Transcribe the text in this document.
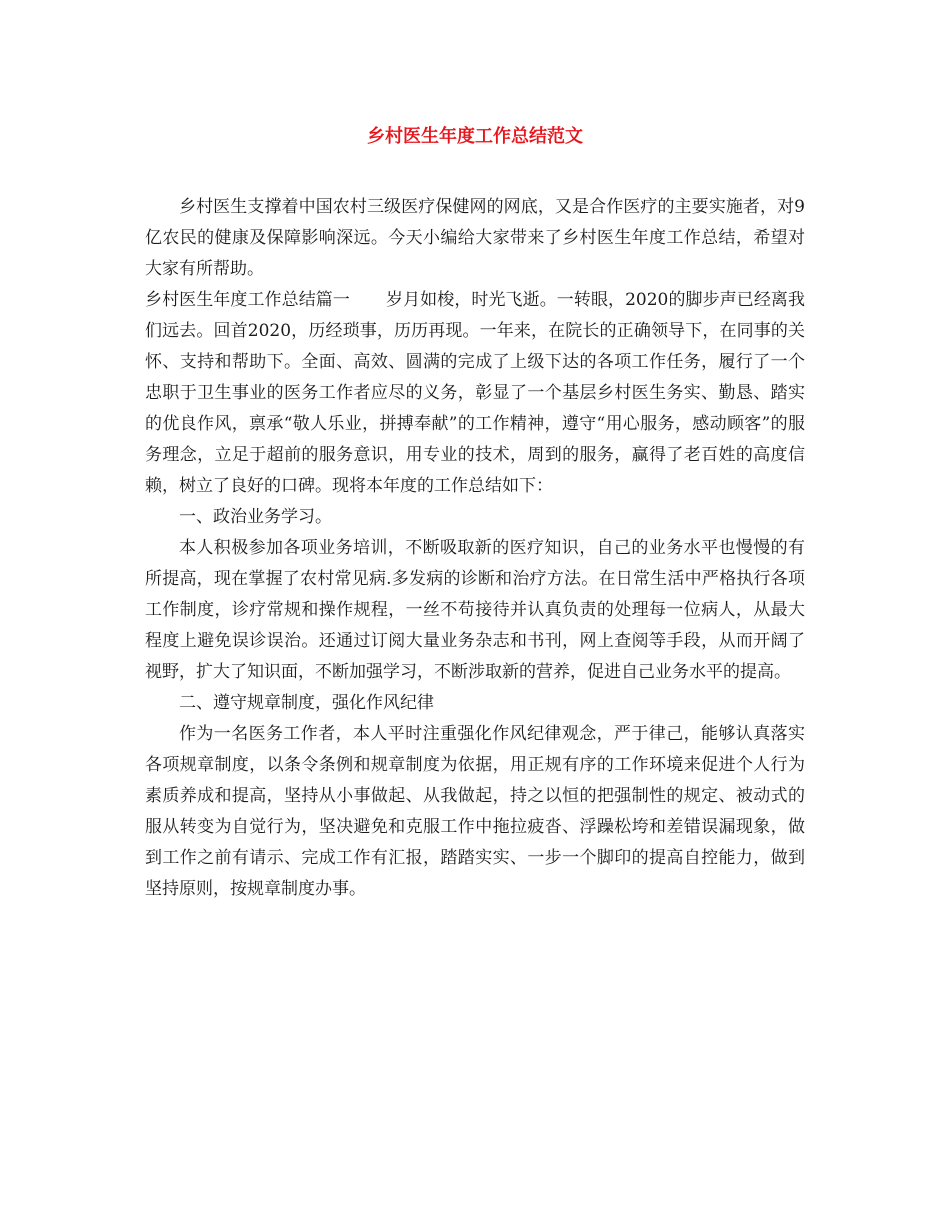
乡村医生年度工作总结范文

乡村医生支撑着中国农村三级医疗保健网的网底，又是合作医疗的主要实施者，对9亿农民的健康及保障影响深远。今天小编给大家带来了乡村医生年度工作总结，希望对大家有所帮助。

乡村医生年度工作总结篇一 岁月如梭，时光飞逝。一转眼，2020的脚步声已经离我们远去。回首2020，历经琐事，历历再现。一年来，在院长的正确领导下，在同事的关怀、支持和帮助下。全面、高效、圆满的完成了上级下达的各项工作任务，履行了一个忠职于卫生事业的医务工作者应尽的义务，彰显了一个基层乡村医生务实、勤恳、踏实的优良作风，禀承“敬人乐业，拼搏奉献”的工作精神，遵守“用心服务，感动顾客”的服务理念，立足于超前的服务意识，用专业的技术，周到的服务，赢得了老百姓的高度信赖，树立了良好的口碑。现将本年度的工作总结如下：

一、政治业务学习。

本人积极参加各项业务培训，不断吸取新的医疗知识，自己的业务水平也慢慢的有所提高，现在掌握了农村常见病.多发病的诊断和治疗方法。在日常生活中严格执行各项工作制度，诊疗常规和操作规程，一丝不苟接待并认真负责的处理每一位病人，从最大程度上避免误诊误治。还通过订阅大量业务杂志和书刊，网上查阅等手段，从而开阔了视野，扩大了知识面，不断加强学习，不断涉取新的营养，促进自己业务水平的提高。

二、遵守规章制度，强化作风纪律

作为一名医务工作者，本人平时注重强化作风纪律观念，严于律己，能够认真落实各项规章制度，以条令条例和规章制度为依据，用正规有序的工作环境来促进个人行为素质养成和提高，坚持从小事做起、从我做起，持之以恒的把强制性的规定、被动式的服从转变为自觉行为，坚决避免和克服工作中拖拉疲沓、浮躁松垮和差错误漏现象，做到工作之前有请示、完成工作有汇报，踏踏实实、一步一个脚印的提高自控能力，做到坚持原则，按规章制度办事。
